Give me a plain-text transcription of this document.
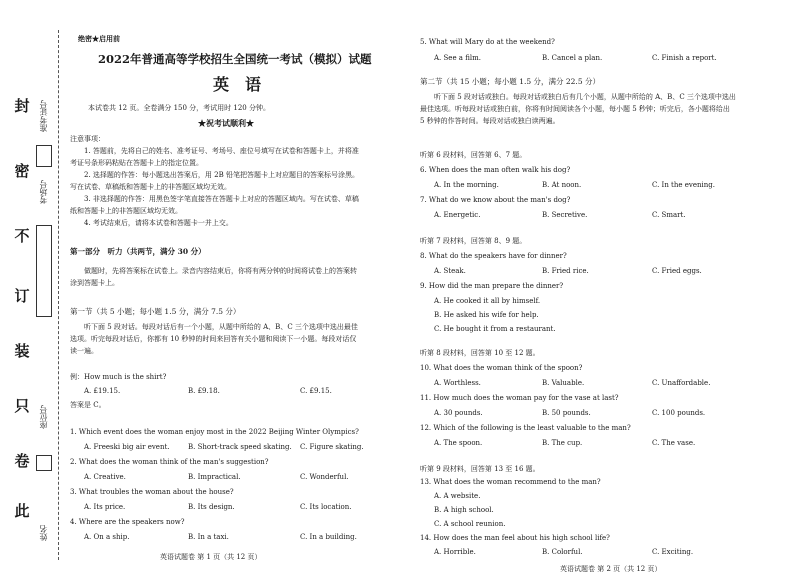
封
密
不
订
装
只
卷
此
准考证号
考场号
座位号
姓名
绝密★启用前
2022年普通高等学校招生全国统一考试（模拟）试题
英语
本试卷共 12 页。全卷满分 150 分，考试用时 120 分钟。
★祝考试顺利★
注意事项：
1. 答题前，先将自己的姓名、准考证号、考场号、座位号填写在试卷和答题卡上，并将准
考证号条形码粘贴在答题卡上的指定位置。
2. 选择题的作答：每小题选出答案后，用 2B 铅笔把答题卡上对应题目的答案标号涂黑。
写在试卷、草稿纸和答题卡上的非答题区域均无效。
3. 非选择题的作答：用黑色签字笔直接答在答题卡上对应的答题区域内。写在试卷、草稿
纸和答题卡上的非答题区域均无效。
4. 考试结束后，请将本试卷和答题卡一并上交。
第一部分　听力（共两节，满分 30 分）
做题时，先将答案标在试卷上。录音内容结束后，你将有两分钟的时间将试卷上的答案转
涂到答题卡上。
第一节（共 5 小题；每小题 1.5 分，满分 7.5 分）
听下面 5 段对话。每段对话后有一个小题，从题中所给的 A、B、C 三个选项中选出最佳
选项。听完每段对话后，你都有 10 秒钟的时间来回答有关小题和阅读下一小题。每段对话仅
读一遍。
例：How much is the shirt?
A. £19.15.	B. £9.18.	C. £9.15.
答案是 C。
1. Which event does the woman enjoy most in the 2022 Beijing Winter Olympics?
A. Freeski big air event.	B. Short-track speed skating. C. Figure skating.
2. What does the woman think of the man's suggestion?
A. Creative.	B. Impractical.	C. Wonderful.
3. What troubles the woman about the house?
A. Its price.	B. Its design.	C. Its location.
4. Where are the speakers now?
A. On a ship.	B. In a taxi.	C. In a building.
英语试题卷 第 1 页（共 12 页）
5. What will Mary do at the weekend?
A. See a film.	B. Cancel a plan.	C. Finish a report.
第二节（共 15 小题；每小题 1.5 分，满分 22.5 分）
听下面 5 段对话或独白。每段对话或独白后有几个小题，从题中所给的 A、B、C 三个选项中选出
最佳选项。听每段对话或独白前，你将有时间阅读各个小题，每小题 5 秒钟；听完后，各小题将给出
5 秒钟的作答时间。每段对话或独白读两遍。
听第 6 段材料，回答第 6、7 题。
6. When does the man often walk his dog?
A. In the morning.	B. At noon.	C. In the evening.
7. What do we know about the man's dog?
A. Energetic.	B. Secretive.	C. Smart.
听第 7 段材料，回答第 8、9 题。
8. What do the speakers have for dinner?
A. Steak.	B. Fried rice.	C. Fried eggs.
9. How did the man prepare the dinner?
A. He cooked it all by himself.
B. He asked his wife for help.
C. He bought it from a restaurant.
听第 8 段材料，回答第 10 至 12 题。
10. What does the woman think of the spoon?
A. Worthless.	B. Valuable.	C. Unaffordable.
11. How much does the woman pay for the vase at last?
A. 30 pounds.	B. 50 pounds.	C. 100 pounds.
12. Which of the following is the least valuable to the man?
A. The spoon.	B. The cup.	C. The vase.
听第 9 段材料，回答第 13 至 16 题。
13. What does the woman recommend to the man?
A. A website.
B. A high school.
C. A school reunion.
14. How does the man feel about his high school life?
A. Horrible.	B. Colorful.	C. Exciting.
英语试题卷 第 2 页（共 12 页）
